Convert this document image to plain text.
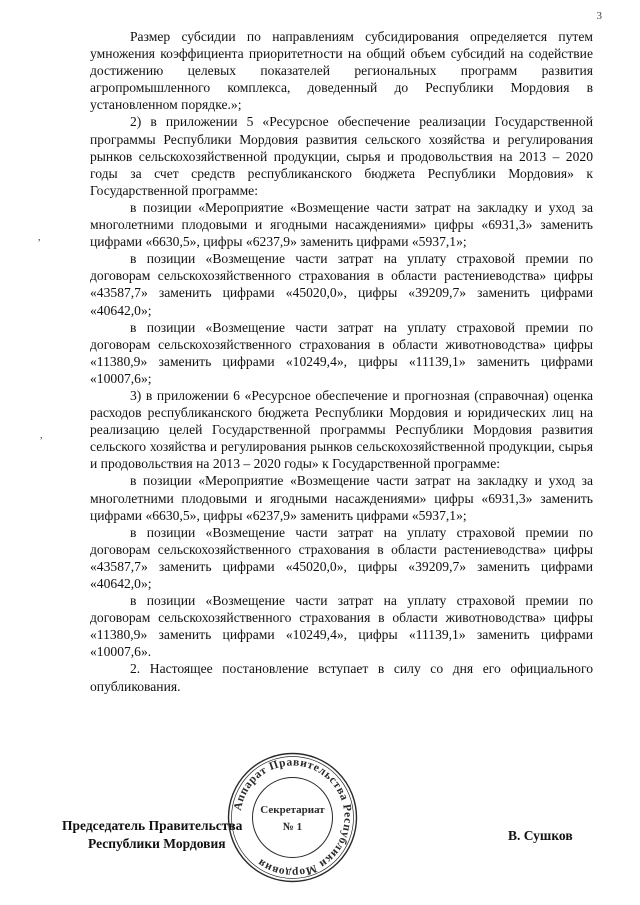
3

Размер субсидии по направлениям субсидирования определяется путем умножения коэффициента приоритетности на общий объем субсидий на содействие достижению целевых показателей региональных программ развития агропромышленного комплекса, доведенный до Республики Мордовия в установленном порядке.»;

2) в приложении 5 «Ресурсное обеспечение реализации Государственной программы Республики Мордовия развития сельского хозяйства и регулирования рынков сельскохозяйственной продукции, сырья и продовольствия на 2013 – 2020 годы за счет средств республиканского бюджета Республики Мордовия» к Государственной программе:

в позиции «Мероприятие «Возмещение части затрат на закладку и уход за многолетними плодовыми и ягодными насаждениями» цифры «6931,3» заменить цифрами «6630,5», цифры «6237,9» заменить цифрами «5937,1»;

в позиции «Возмещение части затрат на уплату страховой премии по договорам сельскохозяйственного страхования в области растениеводства» цифры «43587,7» заменить цифрами «45020,0», цифры «39209,7» заменить цифрами «40642,0»;

в позиции «Возмещение части затрат на уплату страховой премии по договорам сельскохозяйственного страхования в области животноводства» цифры «11380,9» заменить цифрами «10249,4», цифры «11139,1» заменить цифрами «10007,6»;

3) в приложении 6 «Ресурсное обеспечение и прогнозная (справочная) оценка расходов республиканского бюджета Республики Мордовия и юридических лиц на реализацию целей Государственной программы Республики Мордовия развития сельского хозяйства и регулирования рынков сельскохозяйственной продукции, сырья и продовольствия на 2013 – 2020 годы» к Государственной программе:

в позиции «Мероприятие «Возмещение части затрат на закладку и уход за многолетними плодовыми и ягодными насаждениями» цифры «6931,3» заменить цифрами «6630,5», цифры «6237,9» заменить цифрами «5937,1»;

в позиции «Возмещение части затрат на уплату страховой премии по договорам сельскохозяйственного страхования в области растениеводства» цифры «43587,7» заменить цифрами «45020,0», цифры «39209,7» заменить цифрами «40642,0»;

в позиции «Возмещение части затрат на уплату страховой премии по договорам сельскохозяйственного страхования в области животноводства» цифры «11380,9» заменить цифрами «10249,4», цифры «11139,1» заменить цифрами «10007,6».

2. Настоящее постановление вступает в силу со дня его официального опубликования.

,
,
Председатель Правительства
Республики Мордовия
Аппарат Правительства Республики Мордовия
Секретариат
№ 1
В. Сушков
